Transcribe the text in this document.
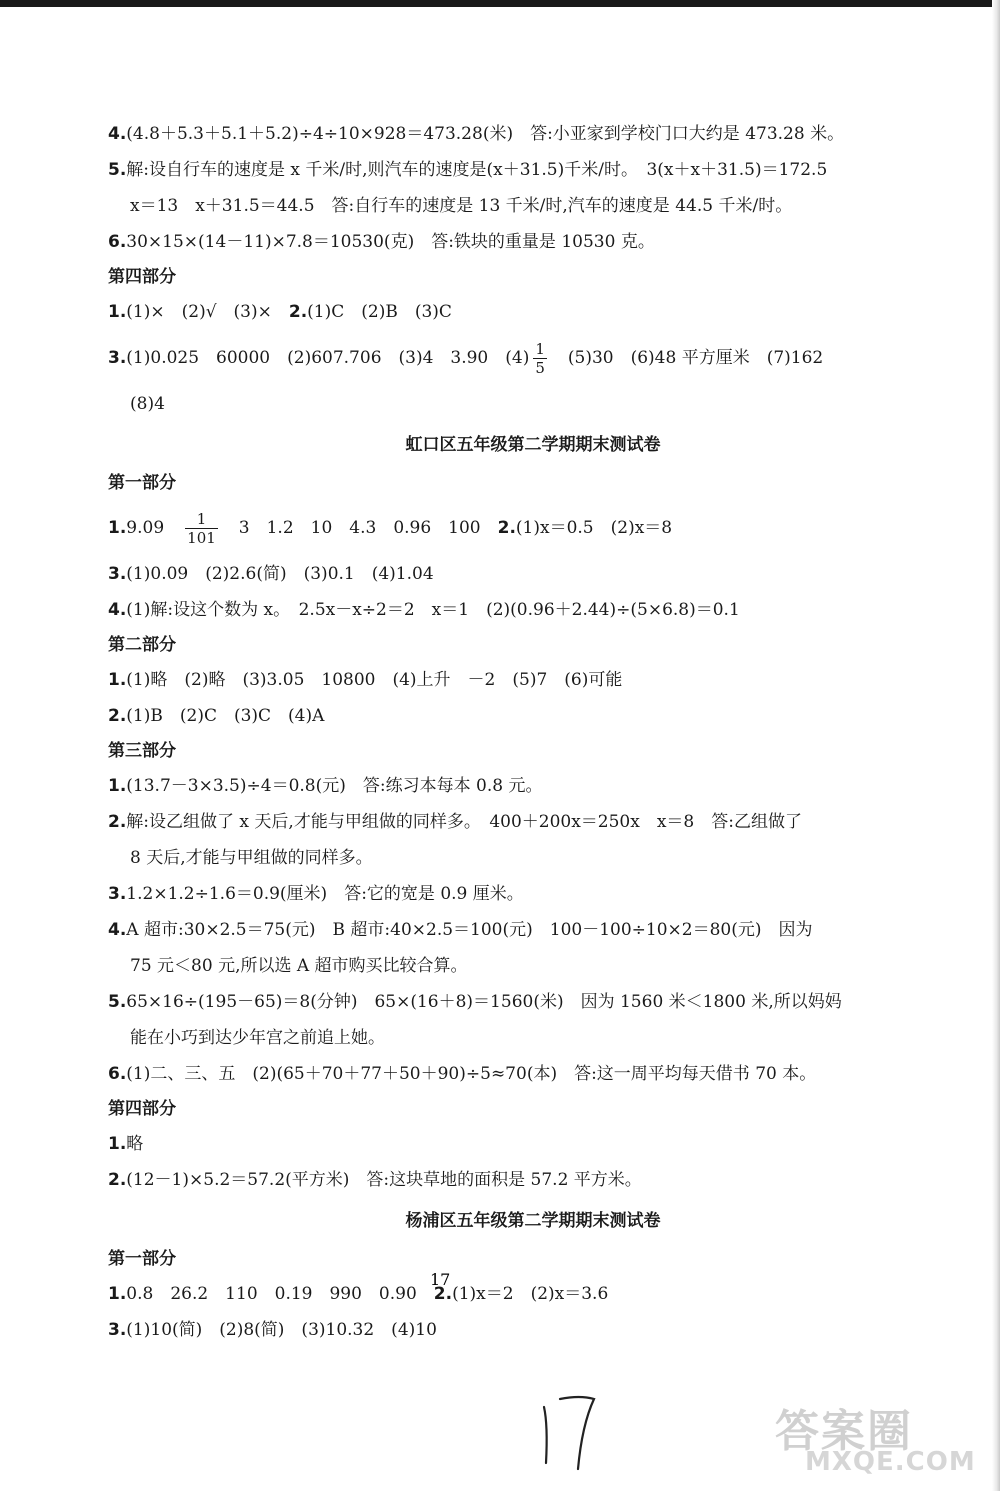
4.(4.8＋5.3＋5.1＋5.2)÷4÷10×928＝473.28(米)　答:小亚家到学校门口大约是 473.28 米。
5.解:设自行车的速度是 x 千米/时,则汽车的速度是(x＋31.5)千米/时。　3(x＋x＋31.5)＝172.5
x＝13　x＋31.5＝44.5　答:自行车的速度是 13 千米/时,汽车的速度是 44.5 千米/时。
6.30×15×(14－11)×7.8＝10530(克)　答:铁块的重量是 10530 克。
第四部分
1.(1)×　(2)√　(3)×　2.(1)C　(2)B　(3)C
3.(1)0.025　60000　(2)607.706　(3)4　3.90　$(4) \frac{1}{5}$ 　(5)30　(6)48 平方厘米　(7)162
(8)4
虹口区五年级第二学期期末测试卷
第一部分
1.9.09　 $\frac{1}{101}$ 　3　1.2　10　4.3　0.96　100　2.(1)x＝0.5　(2)x＝8
3.(1)0.09　(2)2.6(简)　(3)0.1　(4)1.04
4.(1)解:设这个数为 x。　2.5x－x÷2＝2　x＝1　(2)(0.96＋2.44)÷(5×6.8)＝0.1
第二部分
1.(1)略　(2)略　(3)3.05　10800　(4)上升　－2　(5)7　(6)可能
2.(1)B　(2)C　(3)C　(4)A
第三部分
1.(13.7－3×3.5)÷4＝0.8(元)　答:练习本每本 0.8 元。
2.解:设乙组做了 x 天后,才能与甲组做的同样多。　400＋200x＝250x　x＝8　答:乙组做了
8 天后,才能与甲组做的同样多。
3.1.2×1.2÷1.6＝0.9(厘米)　答:它的宽是 0.9 厘米。
4.A 超市:30×2.5＝75(元)　B 超市:40×2.5＝100(元)　100－100÷10×2＝80(元)　因为
75 元＜80 元,所以选 A 超市购买比较合算。
5.65×16÷(195－65)＝8(分钟)　65×(16＋8)＝1560(米)　因为 1560 米＜1800 米,所以妈妈
能在小巧到达少年宫之前追上她。
6.(1)二、三、五　(2)(65＋70＋77＋50＋90)÷5≈70(本)　答:这一周平均每天借书 70 本。
第四部分
1.略
2.(12－1)×5.2＝57.2(平方米)　答:这块草地的面积是 57.2 平方米。
杨浦区五年级第二学期期末测试卷
第一部分
1.0.8　26.2　110　0.19　990　0.90　2.(1)x＝2　(2)x＝3.6
3.(1)10(简)　(2)8(简)　(3)10.32　(4)10
17
答案圈
MXQE.COM
